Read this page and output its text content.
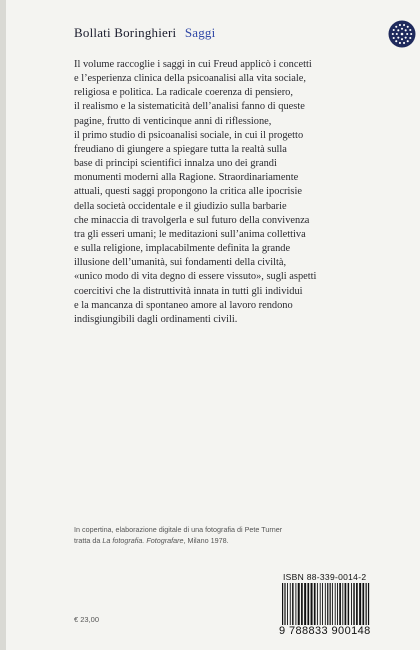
Bollati Boringhieri Saggi
Il volume raccoglie i saggi in cui Freud applicò i concetti
e l’esperienza clinica della psicoanalisi alla vita sociale,
religiosa e politica. La radicale coerenza di pensiero,
il realismo e la sistematicità dell’analisi fanno di queste
pagine, frutto di venticinque anni di riflessione,
il primo studio di psicoanalisi sociale, in cui il progetto
freudiano di giungere a spiegare tutta la realtà sulla
base di principi scientifici innalza uno dei grandi
monumenti moderni alla Ragione. Straordinariamente
attuali, questi saggi propongono la critica alle ipocrisie
della società occidentale e il giudizio sulla barbarie
che minaccia di travolgerla e sul futuro della convivenza
tra gli esseri umani; le meditazioni sull’anima collettiva
e sulla religione, implacabilmente definita la grande
illusione dell’umanità, sui fondamenti della civiltà,
«unico modo di vita degno di essere vissuto», sugli aspetti
coercitivi che la distruttività innata in tutti gli individui
e la mancanza di spontaneo amore al lavoro rendono
indisgiungibili dagli ordinamenti civili.
In copertina, elaborazione digitale di una fotografia di Pete Turner
tratta da La fotografia. Fotografare, Milano 1978.
ISBN 88-339-0014-2
9 788833 900148
€ 23,00
